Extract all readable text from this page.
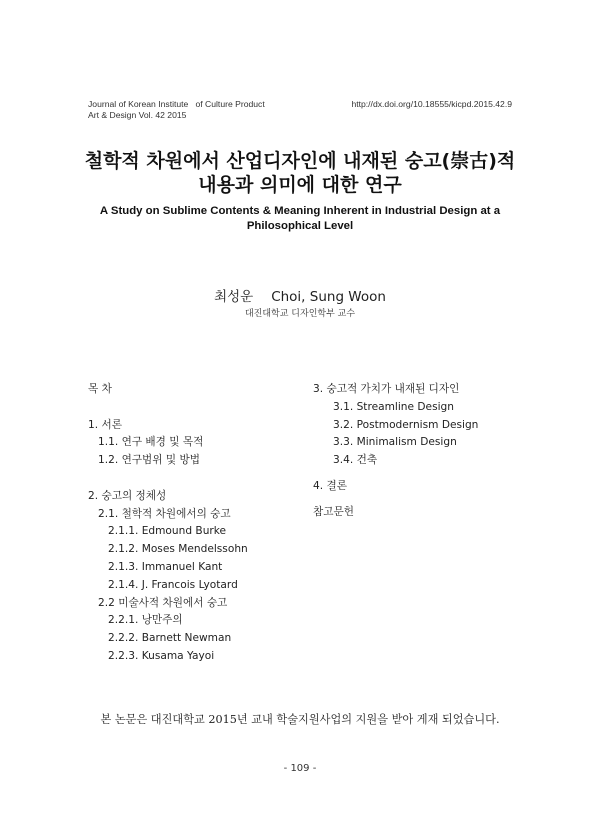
Journal of Korean Institute   of Culture Product
Art & Design Vol. 42 2015
http://dx.doi.org/10.18555/kicpd.2015.42.9
철학적 차원에서 산업디자인에 내재된 숭고(崇古)적
내용과 의미에 대한 연구
A Study on Sublime Contents & Meaning Inherent in Industrial Design at a Philosophical Level
최성운 Choi, Sung Woon
대진대학교 디자인학부 교수
목 차
1. 서론
1.1. 연구 배경 및 목적
1.2. 연구범위 및 방법
2. 숭고의 정체성
2.1. 철학적 차원에서의 숭고
2.1.1. Edmound Burke
2.1.2. Moses Mendelssohn
2.1.3. Immanuel Kant
2.1.4. J. Francois Lyotard
2.2 미술사적 차원에서 숭고
2.2.1. 낭만주의
2.2.2. Barnett Newman
2.2.3. Kusama Yayoi
3. 숭고적 가치가 내재된 디자인
3.1. Streamline Design
3.2. Postmodernism Design
3.3. Minimalism Design
3.4. 건축
4. 결론
참고문헌
본 논문은 대진대학교 2015년 교내 학술지원사업의 지원을 받아 게재 되었습니다.
- 109 -
